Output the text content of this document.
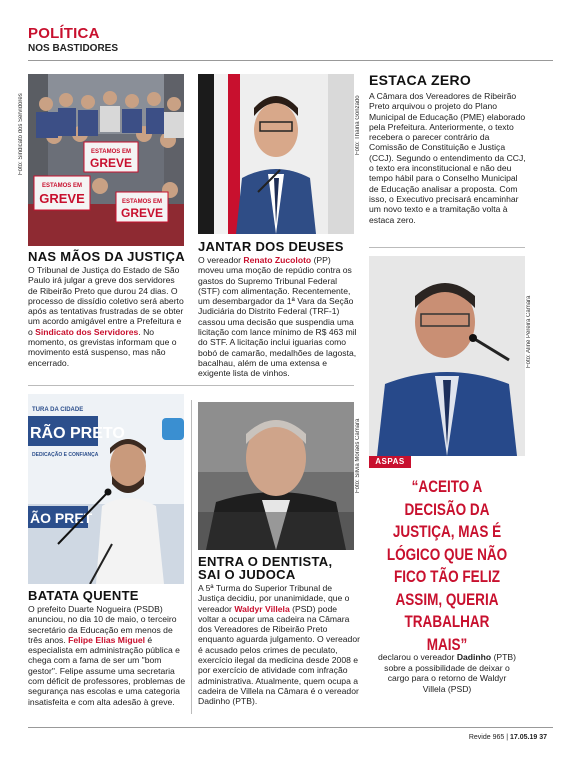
POLÍTICA
NOS BASTIDORES
Foto: Sindicato dos Servidores	ESTAMOS EM
GREVE
ESTAMOS EM
GREVE	ESTAMOS EM
GREVE
NAS MÃOS DA JUSTIÇA

O Tribunal de Justiça do Estado de São Paulo irá julgar a greve dos servidores de Ribeirão Preto que durou 24 dias. O processo de dissídio coletivo será aberto após as tentativas frustradas de se obter um acordo amigável entre a Prefeitura e o Sindicato dos Servidores. No momento, os grevistas informam que o movimento está suspenso, mas não encerrado.

Foto: Thaina Gonzado
JANTAR DOS DEUSES

O vereador Renato Zucoloto (PP) moveu uma moção de repúdio contra os gastos do Supremo Tribunal Federal (STF) com alimentação. Recentemente, um desembargador da 1ª Vara da Seção Judiciária do Distrito Federal (TRF-1) cassou uma decisão que suspendia uma licitação com lance mínimo de R$ 463 mil do STF. A licitação inclui iguarias como bobó de camarão, medalhões de lagosta, bacalhau, além de uma extensa e exigente lista de vinhos.

ESTACA ZERO

A Câmara dos Vereadores de Ribeirão Preto arquivou o projeto do Plano Municipal de Educação (PME) elaborado pela Prefeitura. Anteriormente, o texto recebera o parecer contrário da Comissão de Constituição e Justiça (CCJ). Segundo o entendimento da CCJ, o texto era inconstitucional e não deu tempo hábil para o Conselho Municipal de Educação analisar a proposta. Com isso, o Executivo precisará encaminhar um novo texto e a tramitação volta à estaca zero.

Foto: Aline Pereira Camara
ASPAS
“ACEITO A DECISÃO DA JUSTIÇA, MAS É LÓGICO QUE NÃO FICO TÃO FELIZ ASSIM, QUERIA TRABALHAR MAIS”

declarou o vereador Dadinho (PTB) sobre a possibilidade de deixar o cargo para o retorno de Waldyr Villela (PSD)

TURA DA CIDADE
RÃO PRETO
DEDICAÇÃO E CONFIANÇA
ÃO PRET
BATATA QUENTE

O prefeito Duarte Nogueira (PSDB) anunciou, no dia 10 de maio, o terceiro secretário da Educação em menos de três anos. Felipe Elias Miguel é especialista em administração pública e chega com a fama de ser um "bom gestor". Felipe assume uma secretaria com déficit de professores, problemas de segurança nas escolas e uma categoria insatisfeita e com alta adesão à greve.

Foto: Silvia Moraes Camara
ENTRA O DENTISTA, SAI O JUDOCA

A 5ª Turma do Superior Tribunal de Justiça decidiu, por unanimidade, que o vereador Waldyr Villela (PSD) pode voltar a ocupar uma cadeira na Câmara dos Vereadores de Ribeirão Preto enquanto aguarda julgamento. O vereador é acusado pelos crimes de peculato, exercício ilegal da medicina desde 2008 e por exercício de atividade com infração administrativa. Atualmente, quem ocupa a cadeira de Villela na Câmara é o vereador Dadinho (PTB).

Revide 965 | 17.05.19 37
